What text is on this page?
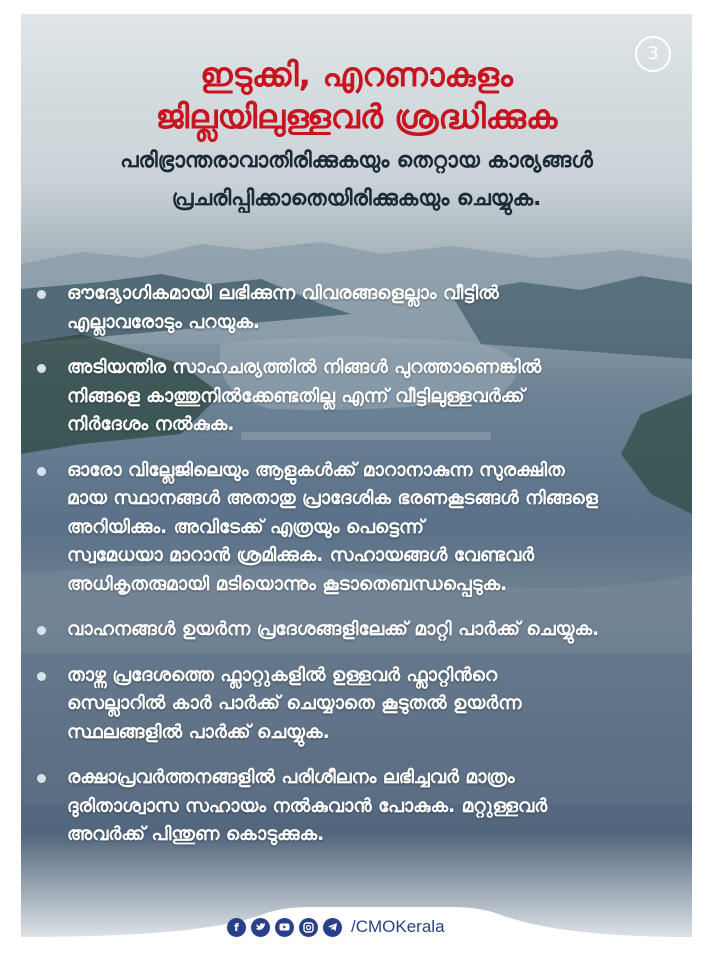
ഇടുക്കി, എറണാകുളം
ജില്ലയിലുള്ളവർ ശ്രദ്ധിക്കുക
പരിഭ്രാന്തരാവാതിരിക്കുകയും തെറ്റായ കാര്യങ്ങൾ
പ്രചരിപ്പിക്കാതെയിരിക്കുകയും ചെയ്യുക.
3
ഔദ്യോഗികമായി ലഭിക്കുന്ന വിവരങ്ങളെല്ലാം വീട്ടിൽ
എല്ലാവരോടും പറയുക.
അടിയന്തിര സാഹചര്യത്തിൽ നിങ്ങൾ പുറത്താണെങ്കിൽ
നിങ്ങളെ കാത്തുനിൽക്കേണ്ടതില്ല എന്ന് വീട്ടിലുള്ളവർക്ക്
നിർദേശം നൽകുക.
ഓരോ വില്ലേജിലെയും ആളുകൾക്ക് മാറാനാകുന്ന സുരക്ഷിത
മായ സ്ഥാനങ്ങൾ അതാതു പ്രാദേശിക ഭരണകൂടങ്ങൾ നിങ്ങളെ
അറിയിക്കും. അവിടേക്ക് എത്രയും പെട്ടെന്ന്
സ്വമേധയാ മാറാൻ ശ്രമിക്കുക. സഹായങ്ങൾ വേണ്ടവർ
അധികൃതരുമായി മടിയൊന്നും കൂടാതെബന്ധപ്പെടുക.
വാഹനങ്ങൾ ഉയർന്ന പ്രദേശങ്ങളിലേക്ക് മാറ്റി പാർക്ക് ചെയ്യുക.
താഴ്ന്ന പ്രദേശത്തെ ഫ്ലാറ്റുകളിൽ ഉള്ളവർ ഫ്ലാറ്റിൻറെ
സെല്ലാറിൽ കാർ പാർക്ക് ചെയ്യാതെ കൂടുതൽ ഉയർന്ന
സ്ഥലങ്ങളിൽ പാർക്ക് ചെയ്യുക.
രക്ഷാപ്രവർത്തനങ്ങളിൽ പരിശീലനം ലഭിച്ചവർ മാത്രം
ദുരിതാശ്വാസ സഹായം നൽകുവാൻ പോകുക. മറ്റുള്ളവർ
അവർക്ക് പിന്തുണ കൊടുക്കുക.
f	/CMOKerala
